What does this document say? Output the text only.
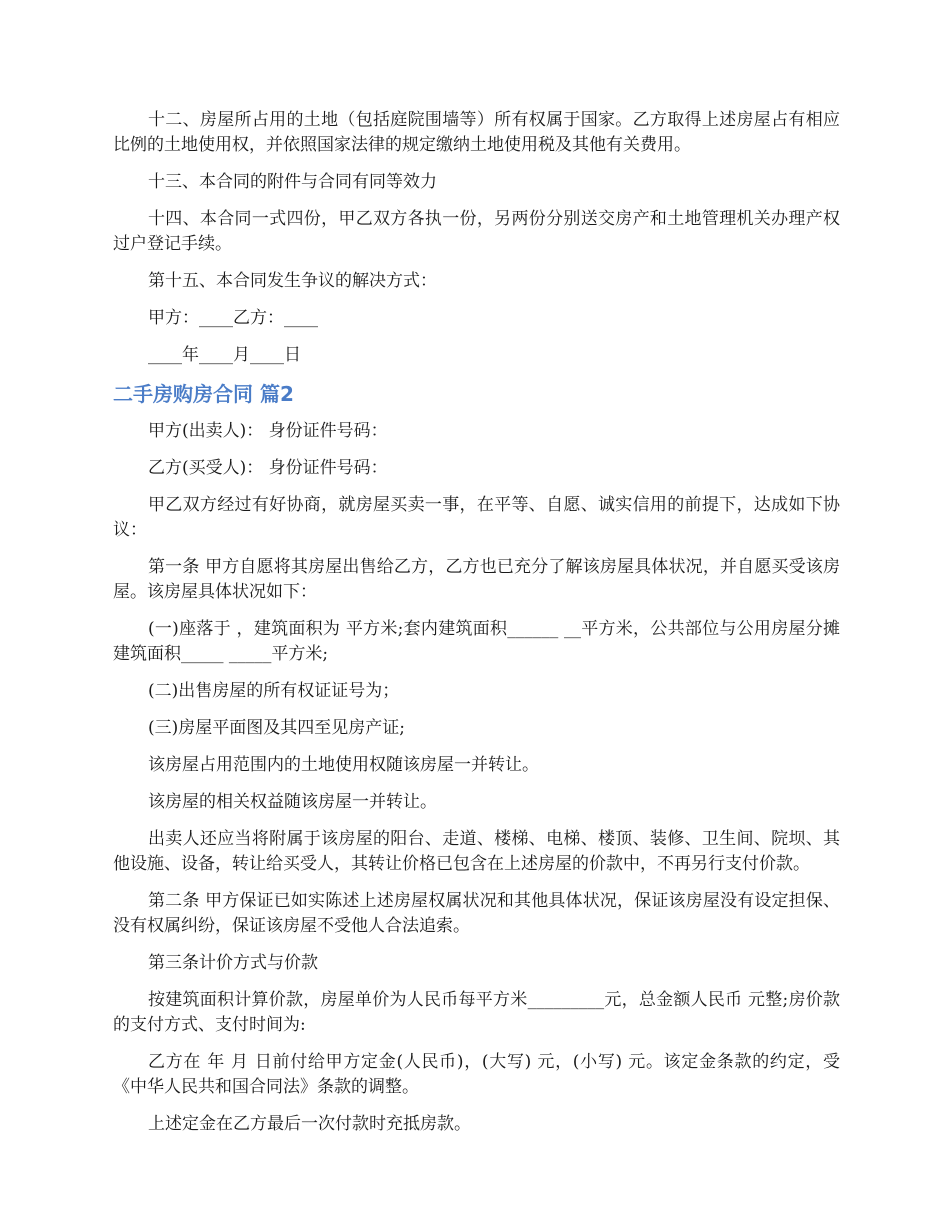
十二、房屋所占用的土地（包括庭院围墙等）所有权属于国家。乙方取得上述房屋占有相应比例的土地使用权，并依照国家法律的规定缴纳土地使用税及其他有关费用。

十三、本合同的附件与合同有同等效力

十四、本合同一式四份，甲乙双方各执一份，另两份分别送交房产和土地管理机关办理产权过户登记手续。

第十五、本合同发生争议的解决方式：

甲方：____乙方：____

____年____月____日

二手房购房合同 篇2

甲方(出卖人)： 身份证件号码：

乙方(买受人)： 身份证件号码：

甲乙双方经过有好协商，就房屋买卖一事，在平等、自愿、诚实信用的前提下，达成如下协议：

第一条 甲方自愿将其房屋出售给乙方，乙方也已充分了解该房屋具体状况，并自愿买受该房屋。该房屋具体状况如下：

(一)座落于 ，建筑面积为 平方米;套内建筑面积______ __平方米，公共部位与公用房屋分摊建筑面积_____ _____平方米;

(二)出售房屋的所有权证证号为；

(三)房屋平面图及其四至见房产证;

该房屋占用范围内的土地使用权随该房屋一并转让。

该房屋的相关权益随该房屋一并转让。

出卖人还应当将附属于该房屋的阳台、走道、楼梯、电梯、楼顶、装修、卫生间、院坝、其他设施、设备，转让给买受人，其转让价格已包含在上述房屋的价款中，不再另行支付价款。

第二条 甲方保证已如实陈述上述房屋权属状况和其他具体状况，保证该房屋没有设定担保、没有权属纠纷，保证该房屋不受他人合法追索。

第三条计价方式与价款

按建筑面积计算价款，房屋单价为人民币每平方米_________元，总金额人民币 元整;房价款的支付方式、支付时间为:

乙方在 年 月 日前付给甲方定金(人民币)，(大写) 元，(小写) 元。该定金条款的约定，受《中华人民共和国合同法》条款的调整。

上述定金在乙方最后一次付款时充抵房款。
